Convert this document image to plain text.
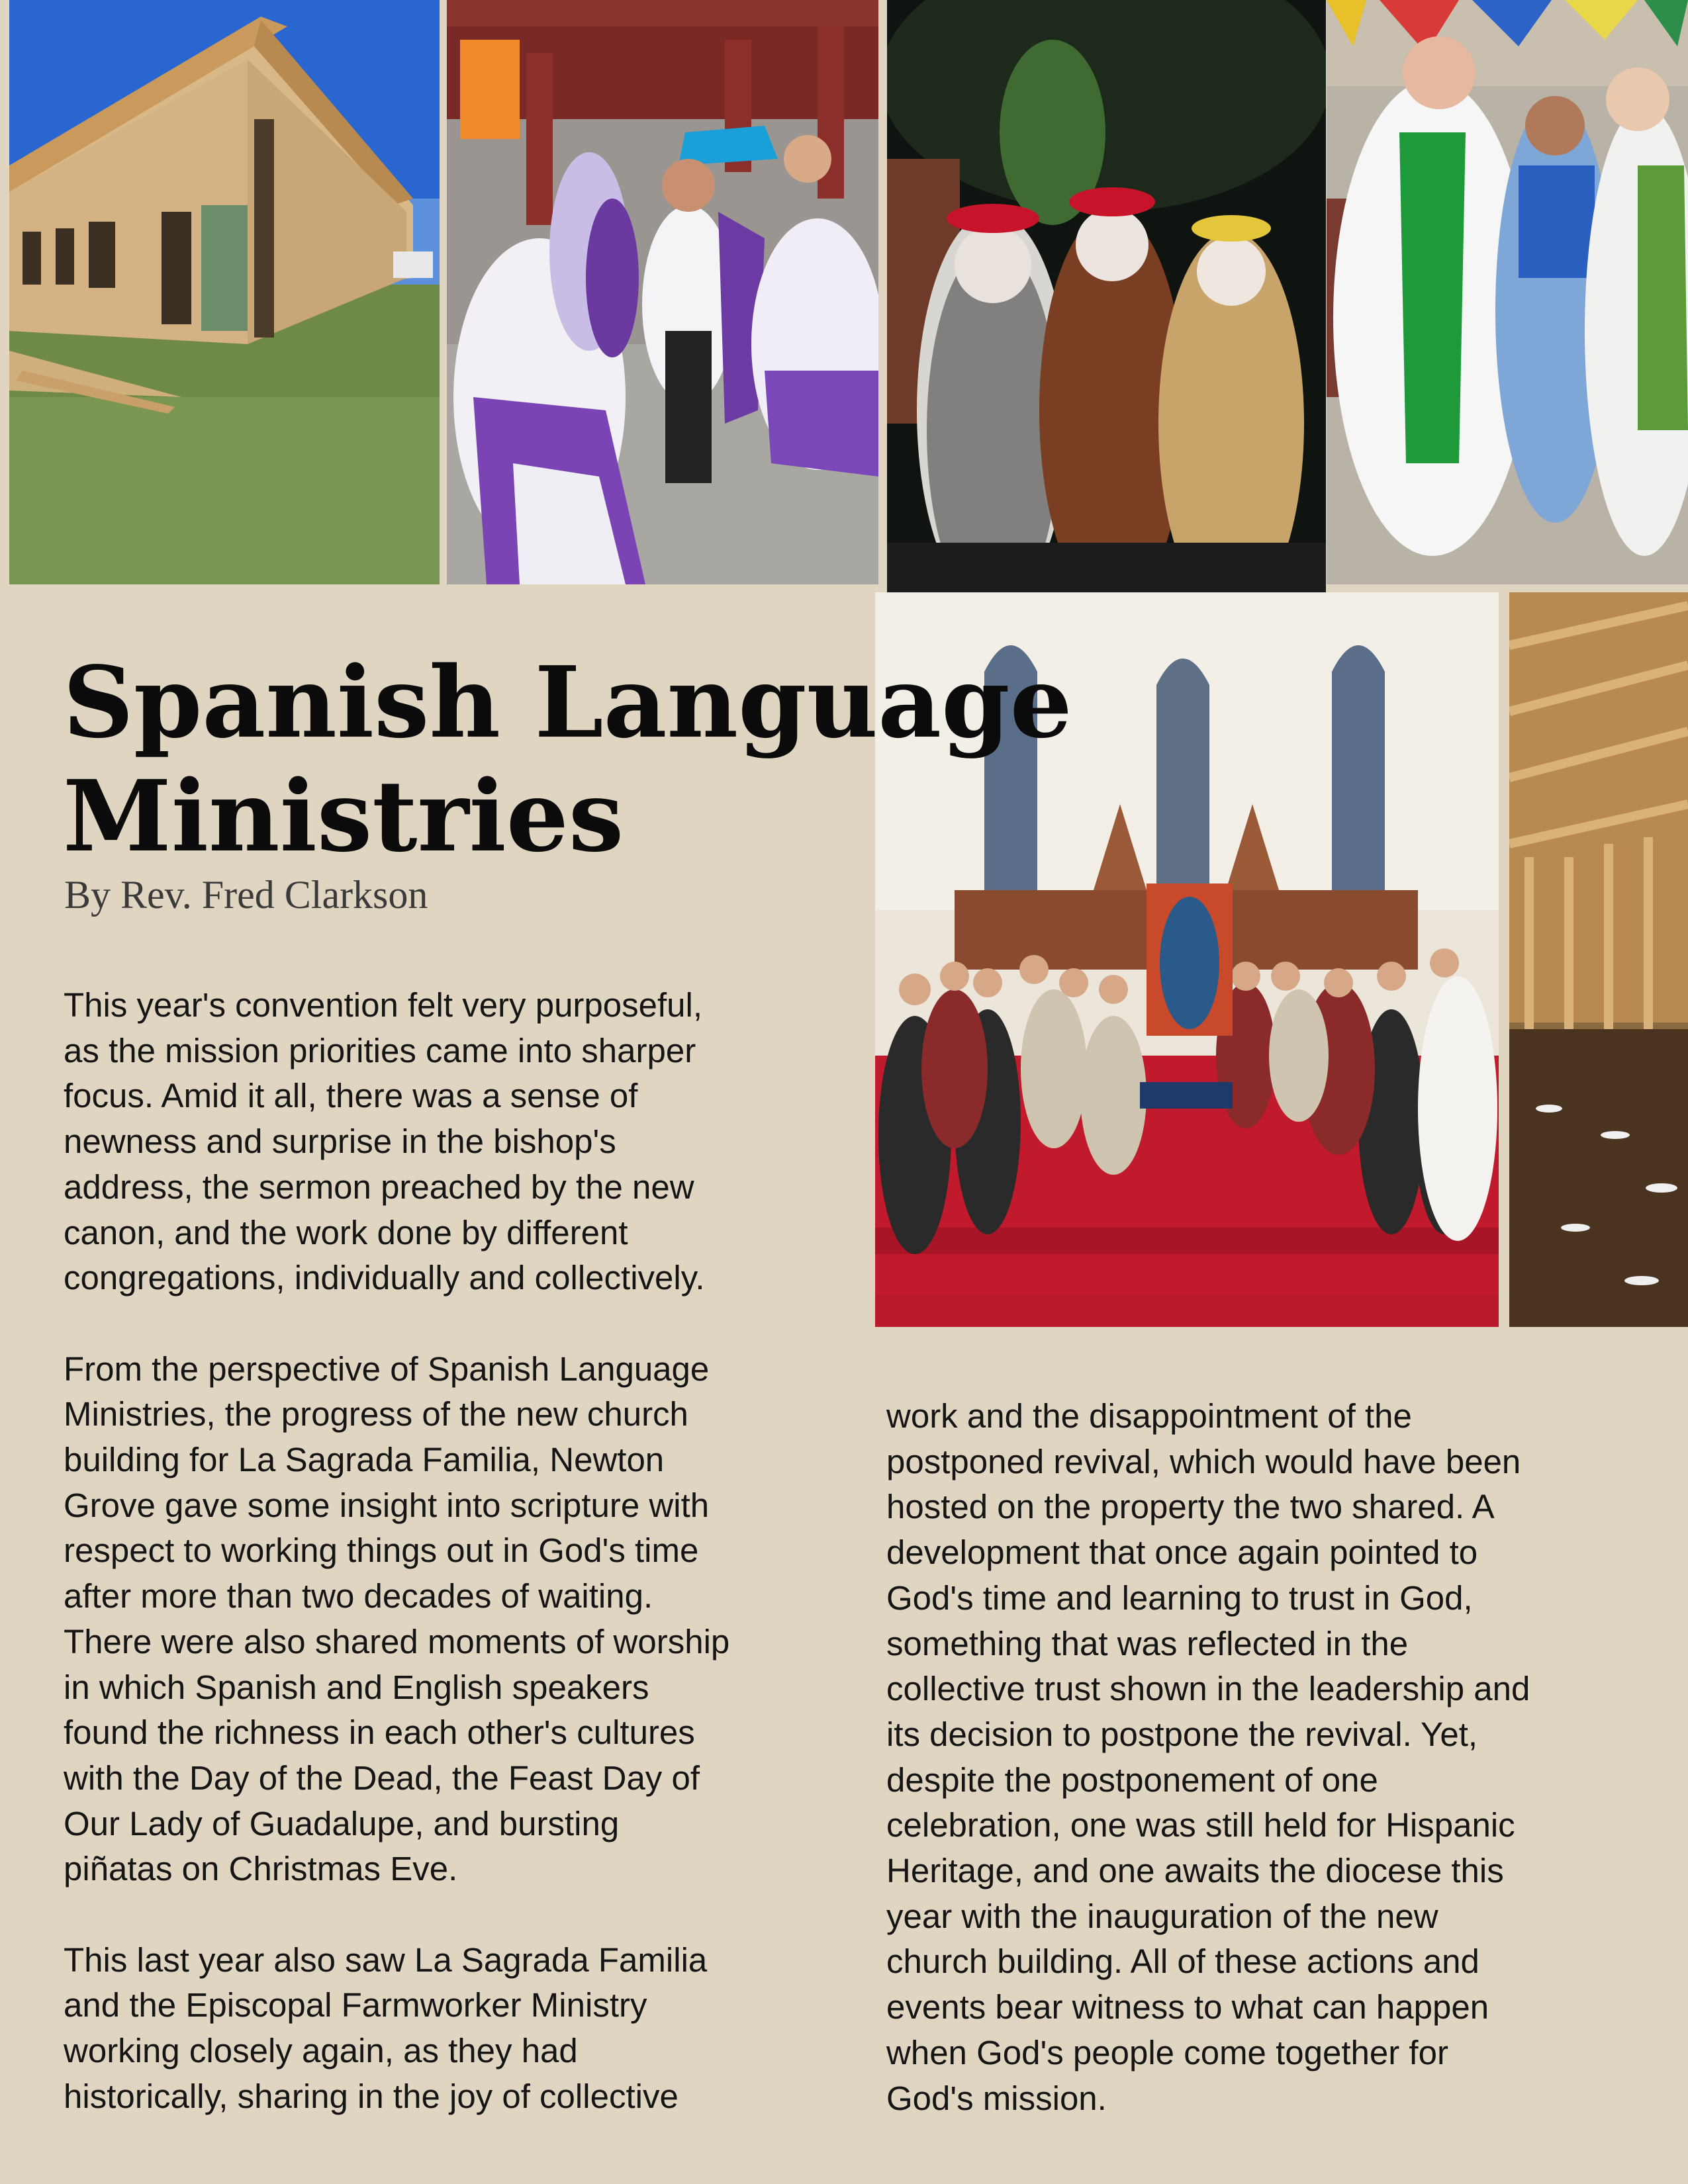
Spanish Language
Ministries
By Rev. Fred Clarkson

This year's convention felt very purposeful,
as the mission priorities came into sharper
focus. Amid it all, there was a sense of
newness and surprise in the bishop's
address, the sermon preached by the new
canon, and the work done by different
congregations, individually and collectively.

From the perspective of Spanish Language
Ministries, the progress of the new church
building for La Sagrada Familia, Newton
Grove gave some insight into scripture with
respect to working things out in God's time
after more than two decades of waiting.
There were also shared moments of worship
in which Spanish and English speakers
found the richness in each other's cultures
with the Day of the Dead, the Feast Day of
Our Lady of Guadalupe, and bursting
piñatas on Christmas Eve.

This last year also saw La Sagrada Familia
and the Episcopal Farmworker Ministry
working closely again, as they had
historically, sharing in the joy of collective

work and the disappointment of the
postponed revival, which would have been
hosted on the property the two shared. A
development that once again pointed to
God's time and learning to trust in God,
something that was reflected in the
collective trust shown in the leadership and
its decision to postpone the revival. Yet,
despite the postponement of one
celebration, one was still held for Hispanic
Heritage, and one awaits the diocese this
year with the inauguration of the new
church building. All of these actions and
events bear witness to what can happen
when God's people come together for
God's mission.
